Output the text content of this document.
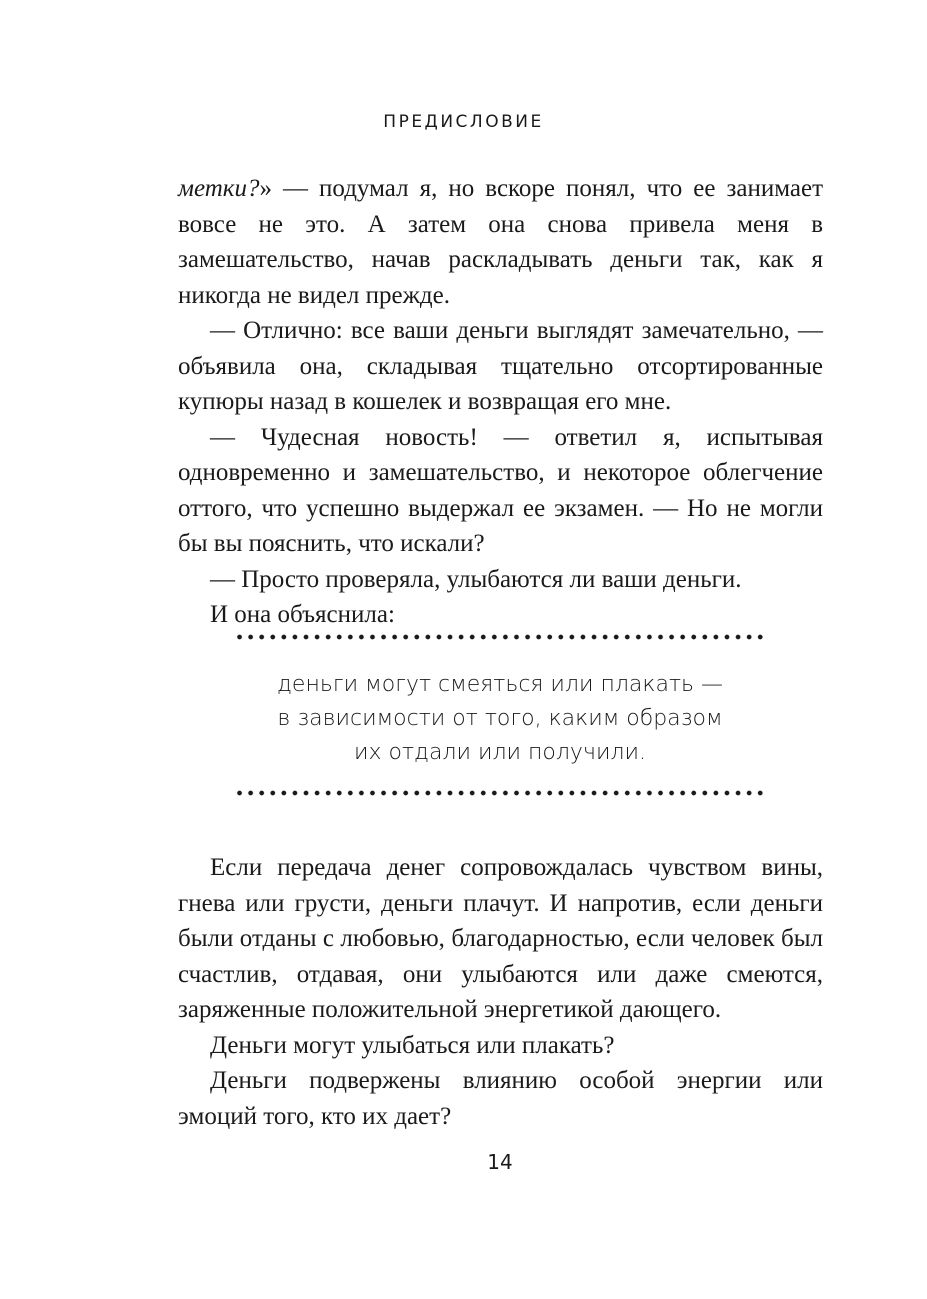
ПРЕДИСЛОВИЕ

метки?» — подумал я, но вскоре понял, что ее занимает вовсе не это. А затем она снова привела меня в замешательство, начав раскладывать деньги так, как я никогда не видел прежде.

— Отлично: все ваши деньги выглядят замечательно, — объявила она, складывая тщательно отсортированные купюры назад в кошелек и возвращая его мне.

— Чудесная новость! — ответил я, испытывая одновременно и замешательство, и некоторое облегчение оттого, что успешно выдержал ее экзамен. — Но не могли бы вы пояснить, что искали?

— Просто проверяла, улыбаются ли ваши деньги.

И она объяснила:

деньги могут смеяться или плакать —
в зависимости от того, каким образом
их отдали или получили.

Если передача денег сопровождалась чувством вины, гнева или грусти, деньги плачут. И напротив, если деньги были отданы с любовью, благодарностью, если человек был счастлив, отдавая, они улыбаются или даже смеются, заряженные положительной энергетикой дающего.

Деньги могут улыбаться или плакать?

Деньги подвержены влиянию особой энергии или эмоций того, кто их дает?

14
